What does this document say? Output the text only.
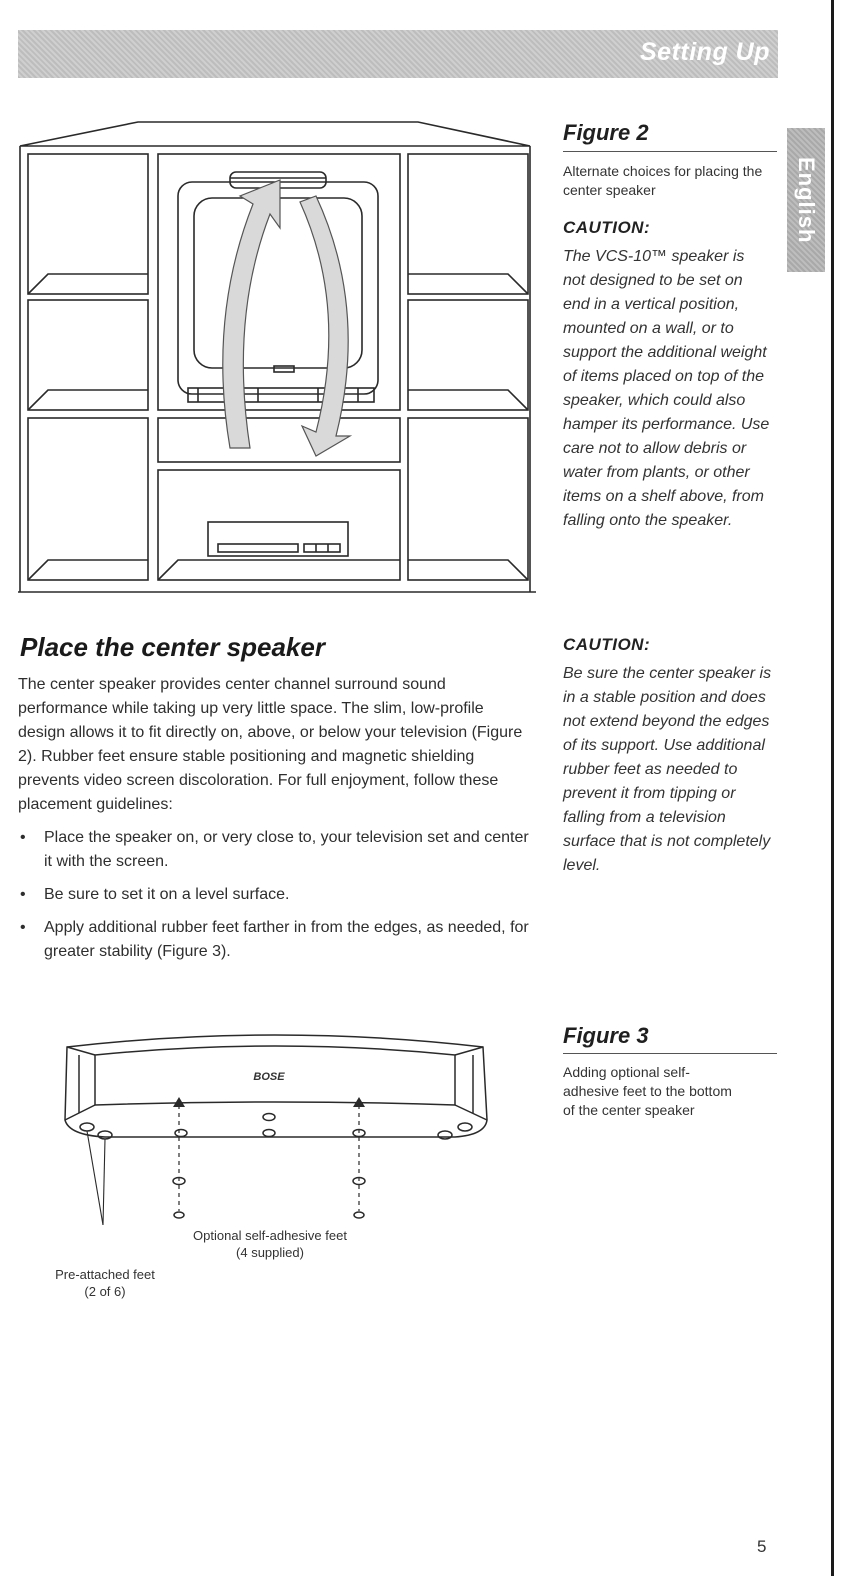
Setting Up
English
Figure 2
Alternate choices for placing the center speaker
CAUTION:
The VCS-10™ speaker is not designed to be set on end in a vertical position, mounted on a wall, or to support the additional weight of items placed on top of the speaker, which could also hamper its performance. Use care not to allow debris or water from plants, or other items on a shelf above, from falling onto the speaker.
CAUTION:
Be sure the center speaker is in a stable position and does not extend beyond the edges of its support. Use additional rubber feet as needed to prevent it from tipping or falling from a television surface that is not completely level.
Place the center speaker

The center speaker provides center channel surround sound performance while taking up very little space. The slim, low-profile design allows it to fit directly on, above, or below your television (Figure 2). Rubber feet ensure stable positioning and magnetic shielding prevents video screen discoloration. For full enjoyment, follow these placement guidelines:

• Place the speaker on, or very close to, your television set and center it with the screen.
• Be sure to set it on a level surface.
• Apply additional rubber feet farther in from the edges, as needed, for greater stability (Figure 3).
Figure 3
Adding optional self-adhesive feet to the bottom of the center speaker
BOSE
Optional self-adhesive feet
(4 supplied)
Pre-attached feet
(2 of 6)
5
